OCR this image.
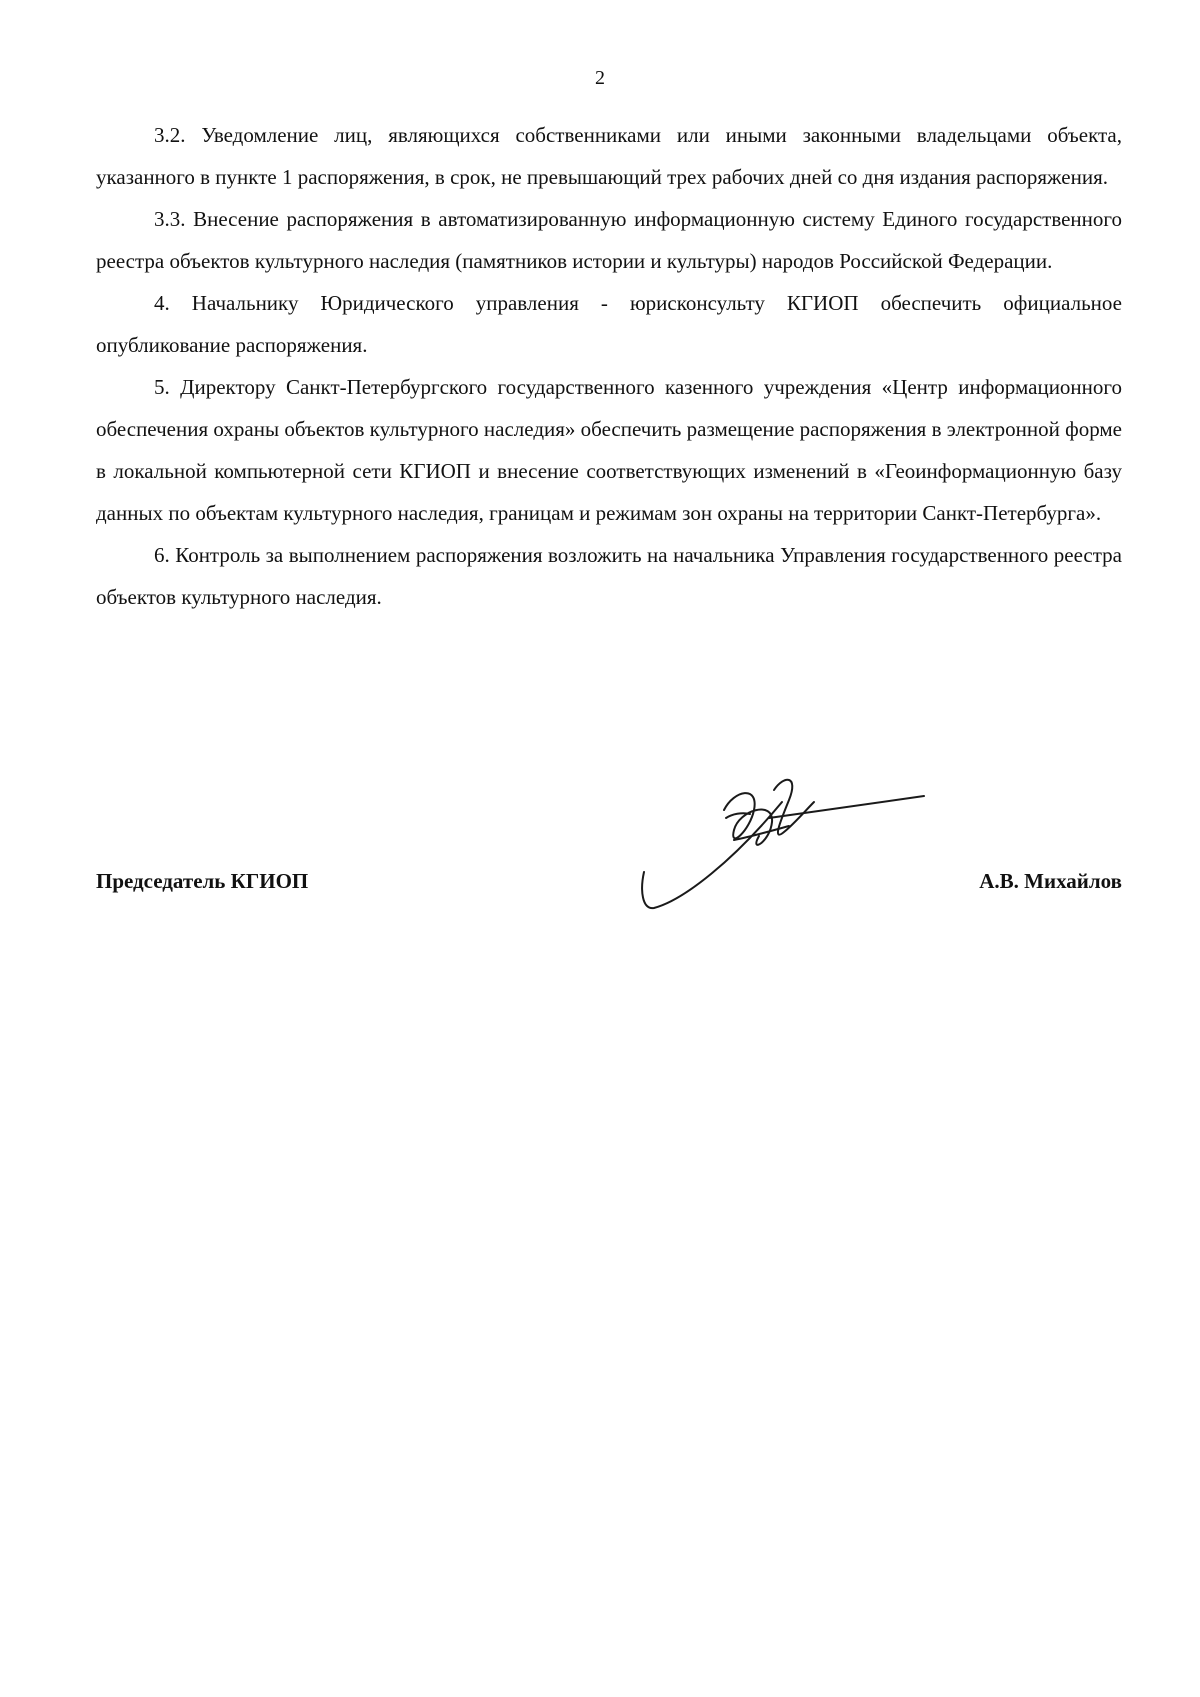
2

3.2. Уведомление лиц, являющихся собственниками или иными законными владельцами объекта, указанного в пункте 1 распоряжения, в срок, не превышающий трех рабочих дней со дня издания распоряжения.

3.3. Внесение распоряжения в автоматизированную информационную систему Единого государственного реестра объектов культурного наследия (памятников истории и культуры) народов Российской Федерации.

4. Начальнику Юридического управления - юрисконсульту КГИОП обеспечить официальное опубликование распоряжения.

5. Директору Санкт-Петербургского государственного казенного учреждения «Центр информационного обеспечения охраны объектов культурного наследия» обеспечить размещение распоряжения в электронной форме в локальной компьютерной сети КГИОП и внесение соответствующих изменений в «Геоинформационную базу данных по объектам культурного наследия, границам и режимам зон охраны на территории Санкт-Петербурга».

6. Контроль за выполнением распоряжения возложить на начальника Управления государственного реестра объектов культурного наследия.

Председатель КГИОП	А.В. Михайлов
